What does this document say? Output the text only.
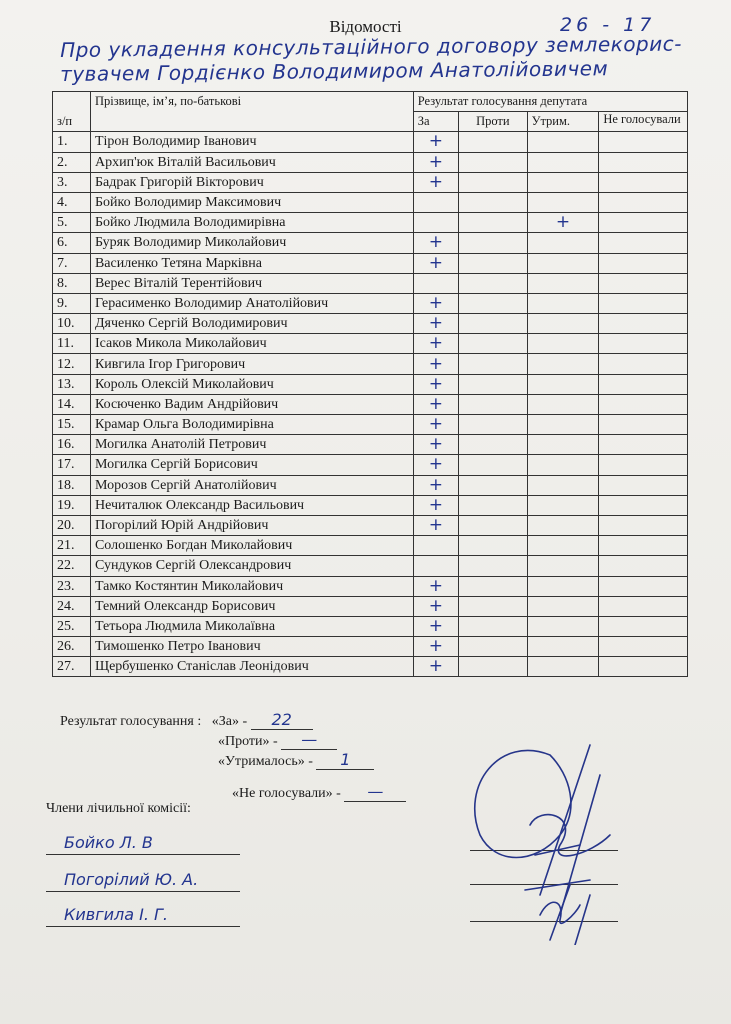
Відомості	26 - 17
Про укладення консультаційного договору землекорис-
тувачем Гордієнко Володимиром Анатолійовичем
з/п	Прізвище, ім’я, по-батькові	Результат голосування депутата			
		За	Проти	Утрим.	Не голосували
1.	Тірон Володимир Іванович	+			
2.	Архип'юк Віталій Васильович	+			
3.	Бадрак Григорій Вікторович	+			
4.	Бойко Володимир Максимович				
5.	Бойко Людмила Володимирівна			+	
6.	Буряк Володимир Миколайович	+			
7.	Василенко Тетяна Марківна	+			
8.	Верес Віталій Терентійович				
9.	Герасименко Володимир Анатолійович	+			
10.	Дяченко Сергій Володимирович	+			
11.	Ісаков Микола Миколайович	+			
12.	Кивгила Ігор Григорович	+			
13.	Король Олексій Миколайович	+			
14.	Косюченко Вадим Андрійович	+			
15.	Крамар Ольга Володимирівна	+			
16.	Могилка Анатолій Петрович	+			
17.	Могилка Сергій Борисович	+			
18.	Морозов Сергій Анатолійович	+			
19.	Нечиталюк Олександр Васильович	+			
20.	Погорілий Юрій Андрійович	+			
21.	Солошенко Богдан Миколайович				
22.	Сундуков Сергій Олександрович				
23.	Тамко Костянтин Миколайович	+			
24.	Темний Олександр Борисович	+			
25.	Тетьора Людмила Миколаївна	+			
26.	Тимошенко Петро Іванович	+			
27.	Щербушенко Станіслав Леонідович	+			
Результат голосування : «За» - 22
«Проти» - —
«Утрималось» - 1
«Не голосували» - —
Члени лічильної комісії:
Бойко Л. В
Погорілий Ю. А.
Кивгила І. Г.
